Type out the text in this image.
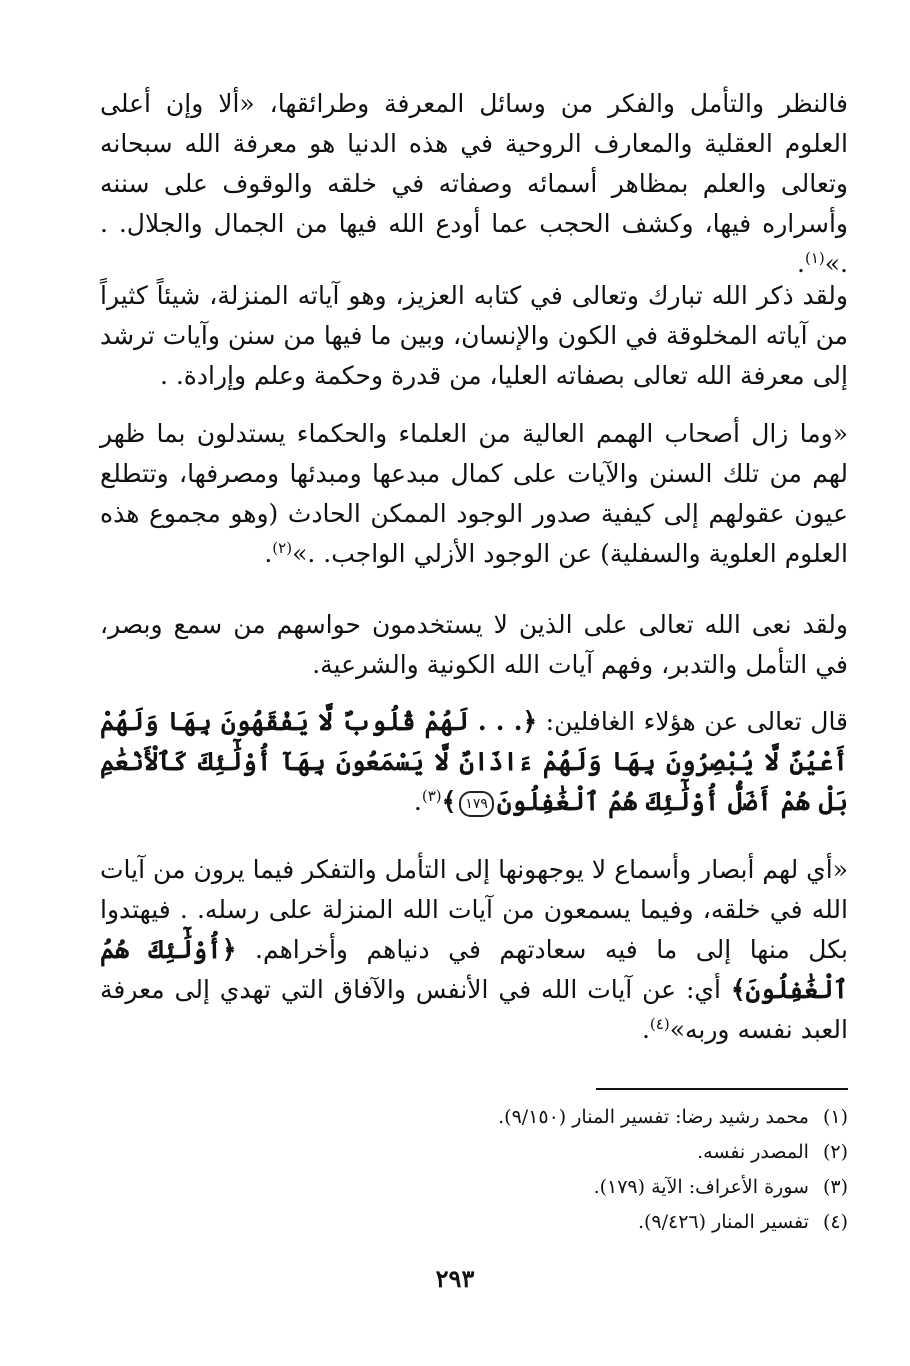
فالنظر والتأمل والفكر من وسائل المعرفة وطرائقها، «ألا وإن أعلى العلوم العقلية والمعارف الروحية في هذه الدنيا هو معرفة الله سبحانه وتعالى والعلم بمظاهر أسمائه وصفاته في خلقه والوقوف على سننه وأسراره فيها، وكشف الحجب عما أودع الله فيها من الجمال والجلال. . .»$^{(١)}$.

ولقد ذكر الله تبارك وتعالى في كتابه العزيز، وهو آياته المنزلة، شيئاً كثيراً من آياته المخلوقة في الكون والإنسان، وبين ما فيها من سنن وآيات ترشد إلى معرفة الله تعالى بصفاته العليا، من قدرة وحكمة وعلم وإرادة. .

«وما زال أصحاب الهمم العالية من العلماء والحكماء يستدلون بما ظهر لهم من تلك السنن والآيات على كمال مبدعها ومبدئها ومصرفها، وتتطلع عيون عقولهم إلى كيفية صدور الوجود الممكن الحادث (وهو مجموع هذه العلوم العلوية والسفلية) عن الوجود الأزلي الواجب. .»$^{(٢)}$.

ولقد نعى الله تعالى على الذين لا يستخدمون حواسهم من سمع وبصر، في التأمل والتدبر، وفهم آيات الله الكونية والشرعية.

قال تعالى عن هؤلاء الغافلين: ﴿. . . لَهُمْ قُلُوبٌ لَّا يَفْقَهُونَ بِهَا وَلَهُمْ أَعْيُنٌ لَّا يُبْصِرُونَ بِهَا وَلَهُمْ ءَاذَانٌ لَّا يَسْمَعُونَ بِهَآ أُوْلَٰٓئِكَ كَٱلْأَنْعَٰمِ بَلْ هُمْ أَضَلُّ أُوْلَٰٓئِكَ هُمُ ٱلْغَٰفِلُونَ١٧٩﴾$^{(٣)}$.

«أي لهم أبصار وأسماع لا يوجهونها إلى التأمل والتفكر فيما يرون من آيات الله في خلقه، وفيما يسمعون من آيات الله المنزلة على رسله. . فيهتدوا بكل منها إلى ما فيه سعادتهم في دنياهم وأخراهم. ﴿أُوْلَٰٓئِكَ هُمُ ٱلْغَٰفِلُونَ﴾ أي: عن آيات الله في الأنفس والآفاق التي تهدي إلى معرفة العبد نفسه وربه»$^{(٤)}$.

(١)محمد رشيد رضا: تفسير المنار (٩/١٥٠).
(٢)المصدر نفسه.
(٣)سورة الأعراف: الآية (١٧٩).
(٤)تفسير المنار (٩/٤٢٦).
٢٩٣
